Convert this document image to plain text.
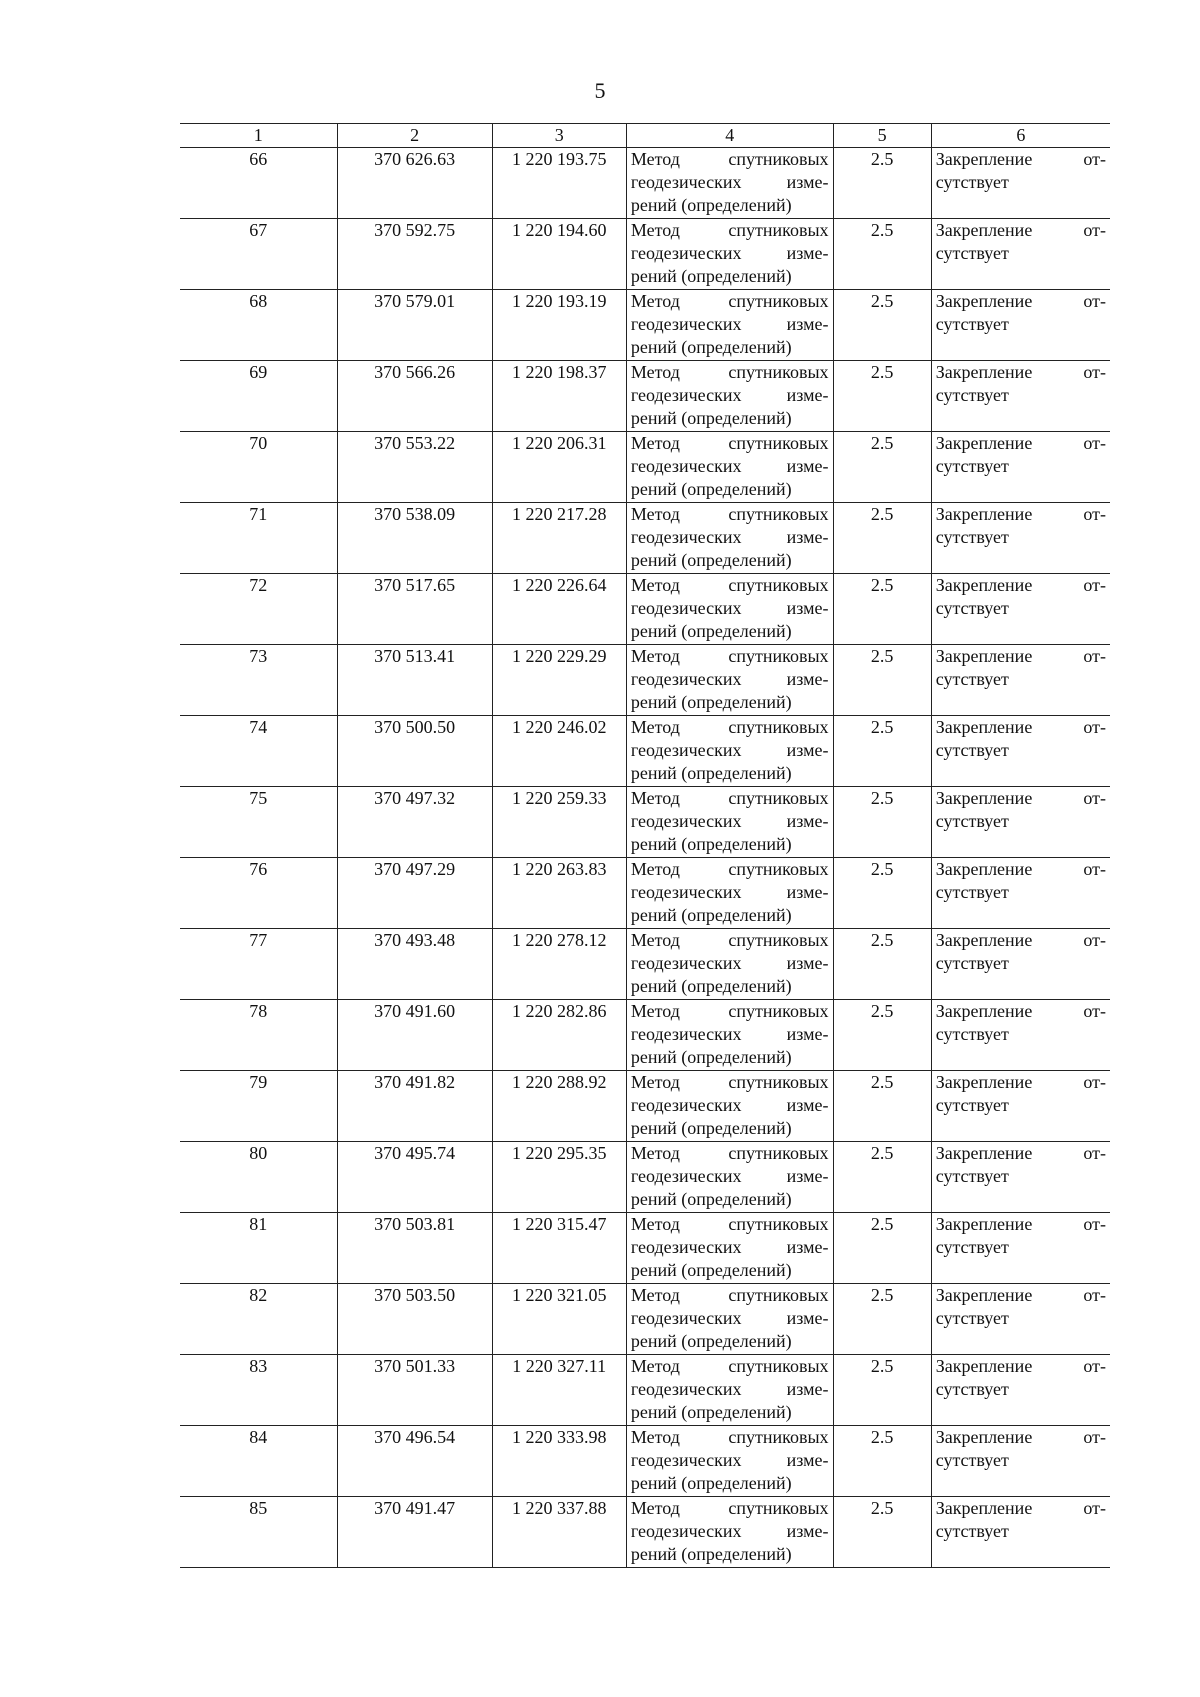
5
1	2	3	4	5	6
66	370 626.63	1 220 193.75	Метод спутниковых геодезических изме-рений (определений)	2.5	Закрепление от-сутствует
67	370 592.75	1 220 194.60	Метод спутниковых геодезических изме-рений (определений)	2.5	Закрепление от-сутствует
68	370 579.01	1 220 193.19	Метод спутниковых геодезических изме-рений (определений)	2.5	Закрепление от-сутствует
69	370 566.26	1 220 198.37	Метод спутниковых геодезических изме-рений (определений)	2.5	Закрепление от-сутствует
70	370 553.22	1 220 206.31	Метод спутниковых геодезических изме-рений (определений)	2.5	Закрепление от-сутствует
71	370 538.09	1 220 217.28	Метод спутниковых геодезических изме-рений (определений)	2.5	Закрепление от-сутствует
72	370 517.65	1 220 226.64	Метод спутниковых геодезических изме-рений (определений)	2.5	Закрепление от-сутствует
73	370 513.41	1 220 229.29	Метод спутниковых геодезических изме-рений (определений)	2.5	Закрепление от-сутствует
74	370 500.50	1 220 246.02	Метод спутниковых геодезических изме-рений (определений)	2.5	Закрепление от-сутствует
75	370 497.32	1 220 259.33	Метод спутниковых геодезических изме-рений (определений)	2.5	Закрепление от-сутствует
76	370 497.29	1 220 263.83	Метод спутниковых геодезических изме-рений (определений)	2.5	Закрепление от-сутствует
77	370 493.48	1 220 278.12	Метод спутниковых геодезических изме-рений (определений)	2.5	Закрепление от-сутствует
78	370 491.60	1 220 282.86	Метод спутниковых геодезических изме-рений (определений)	2.5	Закрепление от-сутствует
79	370 491.82	1 220 288.92	Метод спутниковых геодезических изме-рений (определений)	2.5	Закрепление от-сутствует
80	370 495.74	1 220 295.35	Метод спутниковых геодезических изме-рений (определений)	2.5	Закрепление от-сутствует
81	370 503.81	1 220 315.47	Метод спутниковых геодезических изме-рений (определений)	2.5	Закрепление от-сутствует
82	370 503.50	1 220 321.05	Метод спутниковых геодезических изме-рений (определений)	2.5	Закрепление от-сутствует
83	370 501.33	1 220 327.11	Метод спутниковых геодезических изме-рений (определений)	2.5	Закрепление от-сутствует
84	370 496.54	1 220 333.98	Метод спутниковых геодезических изме-рений (определений)	2.5	Закрепление от-сутствует
85	370 491.47	1 220 337.88	Метод спутниковых геодезических изме-рений (определений)	2.5	Закрепление от-сутствует
